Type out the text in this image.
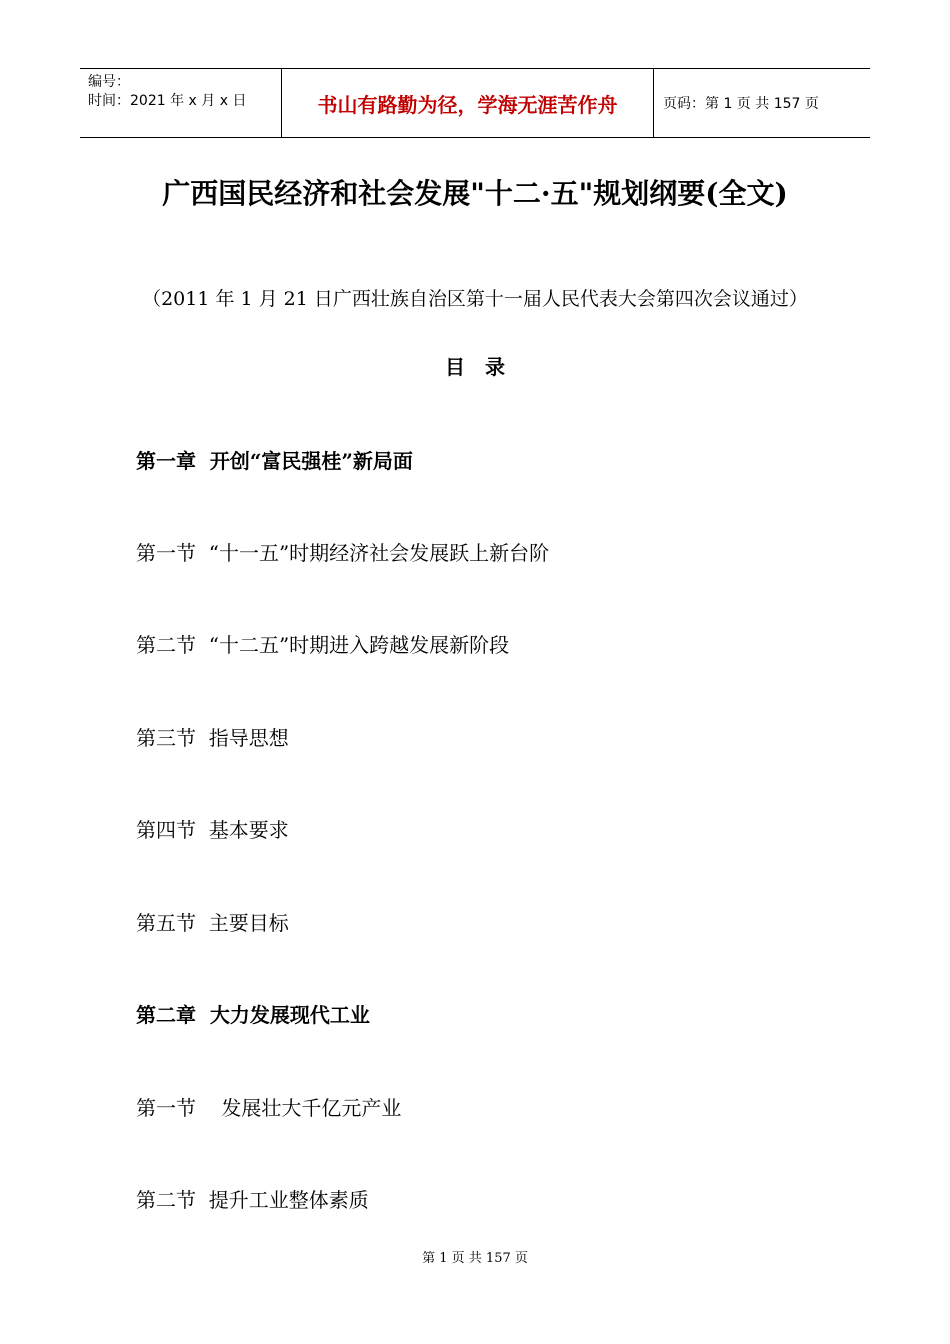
编号：
时间：2021 年 x 月 x 日	书山有路勤为径，学海无涯苦作舟	页码：第 1 页 共 157 页
广西国民经济和社会发展"十二·五"规划纲要(全文)
（2011 年 1 月 21 日广西壮族自治区第十一届人民代表大会第四次会议通过）
目　录
第一章  开创“富民强桂”新局面
第一节  “十一五”时期经济社会发展跃上新台阶
第二节  “十二五”时期进入跨越发展新阶段
第三节  指导思想
第四节  基本要求
第五节  主要目标
第二章  大力发展现代工业
第一节    发展壮大千亿元产业
第二节  提升工业整体素质
第 1 页 共 157 页
